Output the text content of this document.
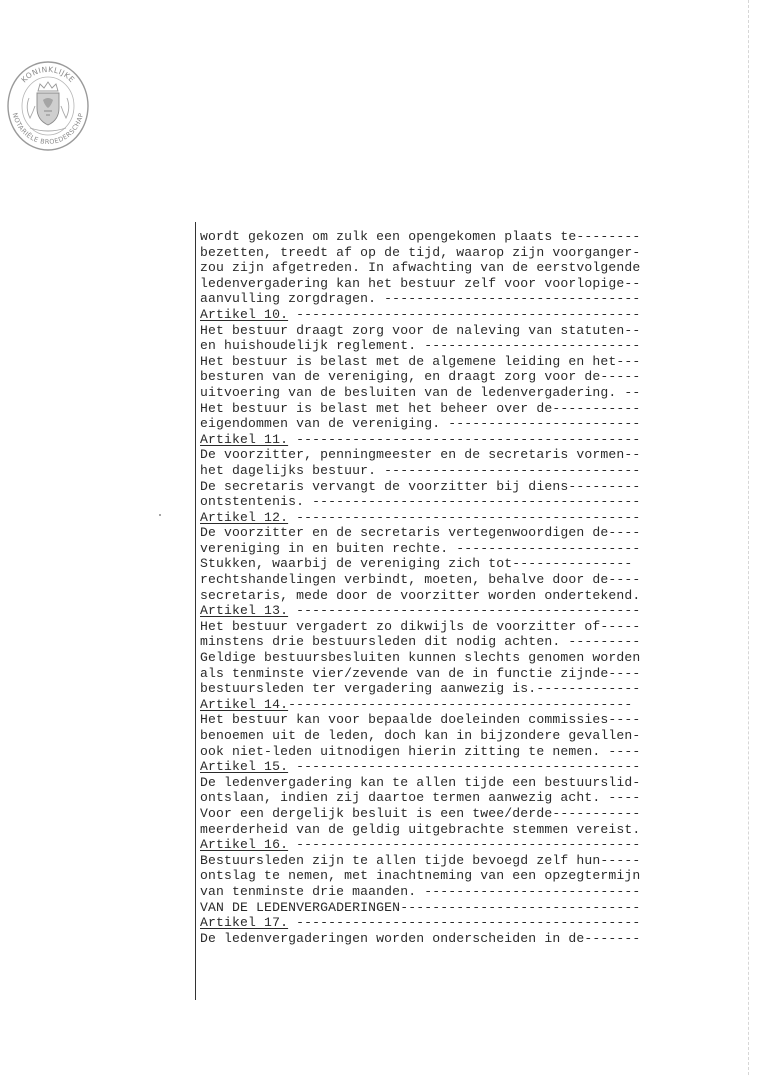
KONINKLIJKE
NOTARIËLE BROEDERSCHAP
wordt gekozen om zulk een opengekomen plaats te--------
bezetten, treedt af op de tijd, waarop zijn voorganger-
zou zijn afgetreden. In afwachting van de eerstvolgende
ledenvergadering kan het bestuur zelf voor voorlopige--
aanvulling zorgdragen. --------------------------------
Artikel 10. -------------------------------------------
Het bestuur draagt zorg voor de naleving van statuten--
en huishoudelijk reglement. ---------------------------
Het bestuur is belast met de algemene leiding en het---
besturen van de vereniging, en draagt zorg voor de-----
uitvoering van de besluiten van de ledenvergadering. --
Het bestuur is belast met het beheer over de-----------
eigendommen van de vereniging. ------------------------
Artikel 11. -------------------------------------------
De voorzitter, penningmeester en de secretaris vormen--
het dagelijks bestuur. --------------------------------
De secretaris vervangt de voorzitter bij diens---------
ontstentenis. -----------------------------------------
Artikel 12. -------------------------------------------
De voorzitter en de secretaris vertegenwoordigen de----
vereniging in en buiten rechte. -----------------------
Stukken, waarbij de vereniging zich tot---------------
rechtshandelingen verbindt, moeten, behalve door de----
secretaris, mede door de voorzitter worden ondertekend.
Artikel 13. -------------------------------------------
Het bestuur vergadert zo dikwijls de voorzitter of-----
minstens drie bestuursleden dit nodig achten. ---------
Geldige bestuursbesluiten kunnen slechts genomen worden
als tenminste vier/zevende van de in functie zijnde----
bestuursleden ter vergadering aanwezig is.-------------
Artikel 14.-------------------------------------------
Het bestuur kan voor bepaalde doeleinden commissies----
benoemen uit de leden, doch kan in bijzondere gevallen-
ook niet-leden uitnodigen hierin zitting te nemen. ----
Artikel 15. -------------------------------------------
De ledenvergadering kan te allen tijde een bestuurslid-
ontslaan, indien zij daartoe termen aanwezig acht. ----
Voor een dergelijk besluit is een twee/derde-----------
meerderheid van de geldig uitgebrachte stemmen vereist.
Artikel 16. -------------------------------------------
Bestuursleden zijn te allen tijde bevoegd zelf hun-----
ontslag te nemen, met inachtneming van een opzegtermijn
van tenminste drie maanden. ---------------------------
VAN DE LEDENVERGADERINGEN------------------------------
Artikel 17. -------------------------------------------
De ledenvergaderingen worden onderscheiden in de-------
